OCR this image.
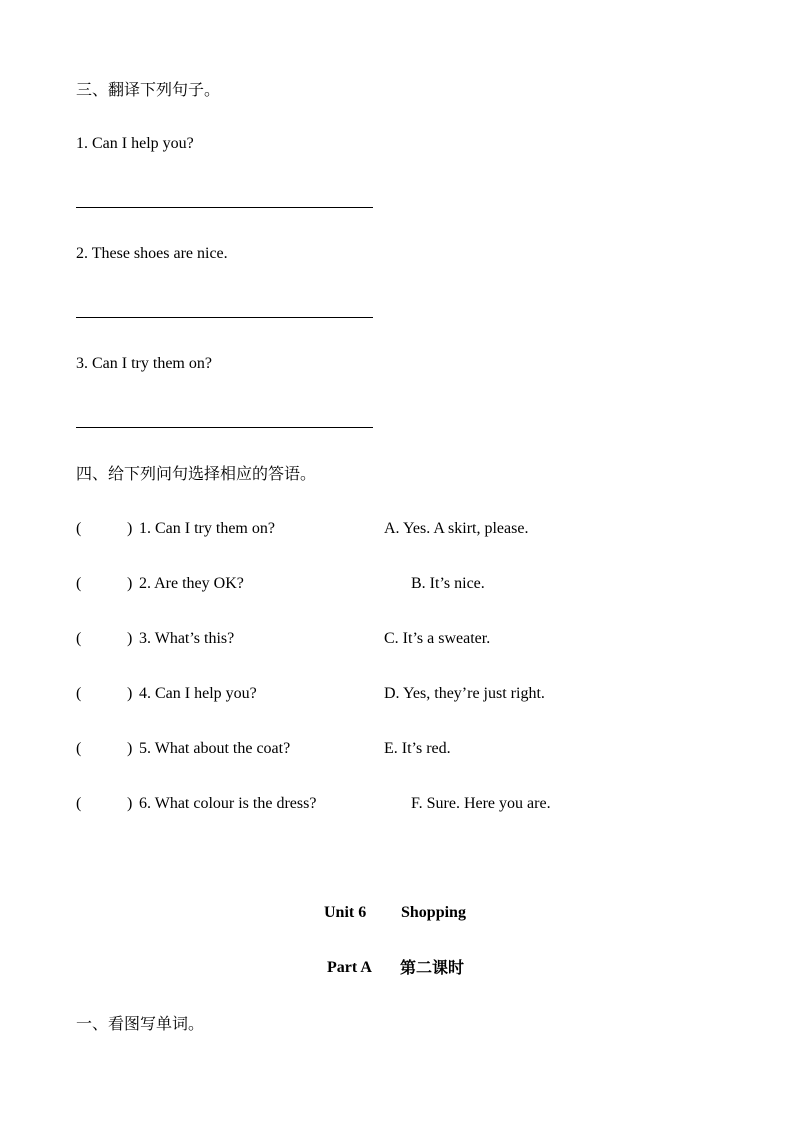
三、翻译下列句子。
1. Can I help you?
2. These shoes are nice.
3. Can I try them on?
四、给下列问句选择相应的答语。
(	) 1. Can I try them on?	A. Yes. A skirt, please.
(	) 2. Are they OK?	B. It’s nice.
(	) 3. What’s this?	C. It’s a sweater.
(	) 4. Can I help you?	D. Yes, they’re just right.
(	) 5. What about the coat?	E. It’s red.
(	) 6. What colour is the dress?	F. Sure. Here you are.
Unit 6 Shopping
Part A 第二课时
一、看图写单词。
